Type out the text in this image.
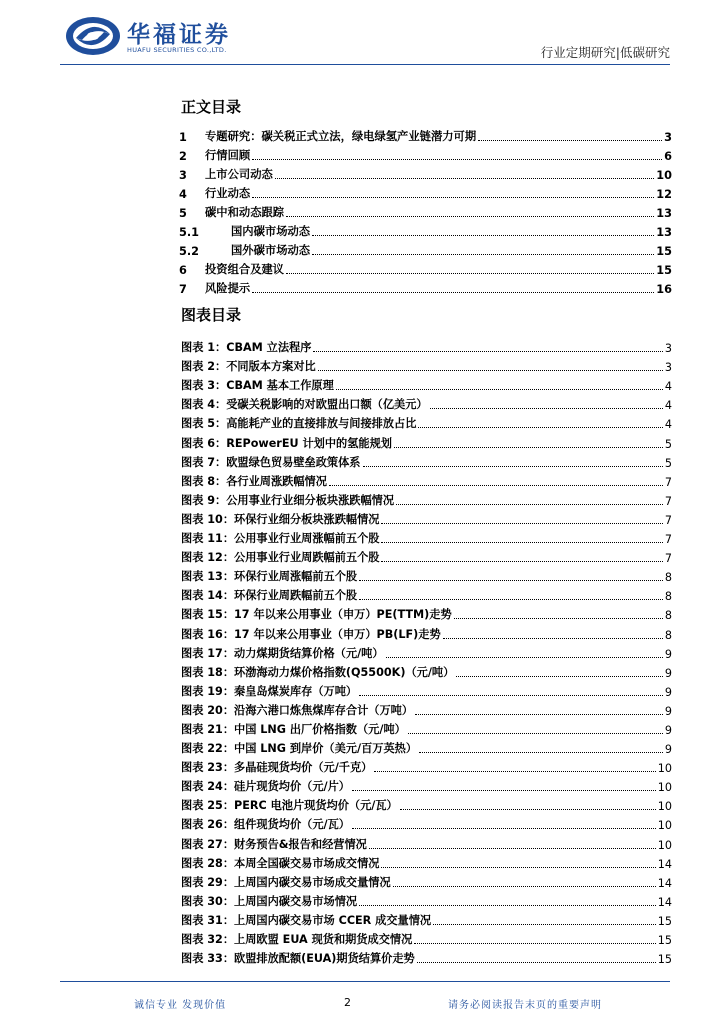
华福证券
HUAFU SECURITIES CO.,LTD.	行业定期研究|低碳研究
正文目录
1	专题研究：碳关税正式立法，绿电绿氢产业链潜力可期	3
2	行情回顾	6
3	上市公司动态	10
4	行业动态	12
5	碳中和动态跟踪	13
5.1	国内碳市场动态	13
5.2	国外碳市场动态	15
6	投资组合及建议	15
7	风险提示	16
图表目录
图表 1：CBAM 立法程序	3
图表 2：不同版本方案对比	3
图表 3：CBAM 基本工作原理	4
图表 4：受碳关税影响的对欧盟出口额（亿美元）	4
图表 5：高能耗产业的直接排放与间接排放占比	4
图表 6：REPowerEU 计划中的氢能规划	5
图表 7：欧盟绿色贸易壁垒政策体系	5
图表 8：各行业周涨跌幅情况	7
图表 9：公用事业行业细分板块涨跌幅情况	7
图表 10：环保行业细分板块涨跌幅情况	7
图表 11：公用事业行业周涨幅前五个股	7
图表 12：公用事业行业周跌幅前五个股	7
图表 13：环保行业周涨幅前五个股	8
图表 14：环保行业周跌幅前五个股	8
图表 15：17 年以来公用事业（申万）PE(TTM)走势	8
图表 16：17 年以来公用事业（申万）PB(LF)走势	8
图表 17：动力煤期货结算价格（元/吨）	9
图表 18：环渤海动力煤价格指数(Q5500K)（元/吨）	9
图表 19：秦皇岛煤炭库存（万吨）	9
图表 20：沿海六港口炼焦煤库存合计（万吨）	9
图表 21：中国 LNG 出厂价格指数（元/吨）	9
图表 22：中国 LNG 到岸价（美元/百万英热）	9
图表 23：多晶硅现货均价（元/千克）	10
图表 24：硅片现货均价（元/片）	10
图表 25：PERC 电池片现货均价（元/瓦）	10
图表 26：组件现货均价（元/瓦）	10
图表 27：财务预告&报告和经营情况	10
图表 28：本周全国碳交易市场成交情况	14
图表 29：上周国内碳交易市场成交量情况	14
图表 30：上周国内碳交易市场情况	14
图表 31：上周国内碳交易市场 CCER 成交量情况	15
图表 32：上周欧盟 EUA 现货和期货成交情况	15
图表 33：欧盟排放配额(EUA)期货结算价走势	15
诚信专业 发现价值	2	请务必阅读报告末页的重要声明
